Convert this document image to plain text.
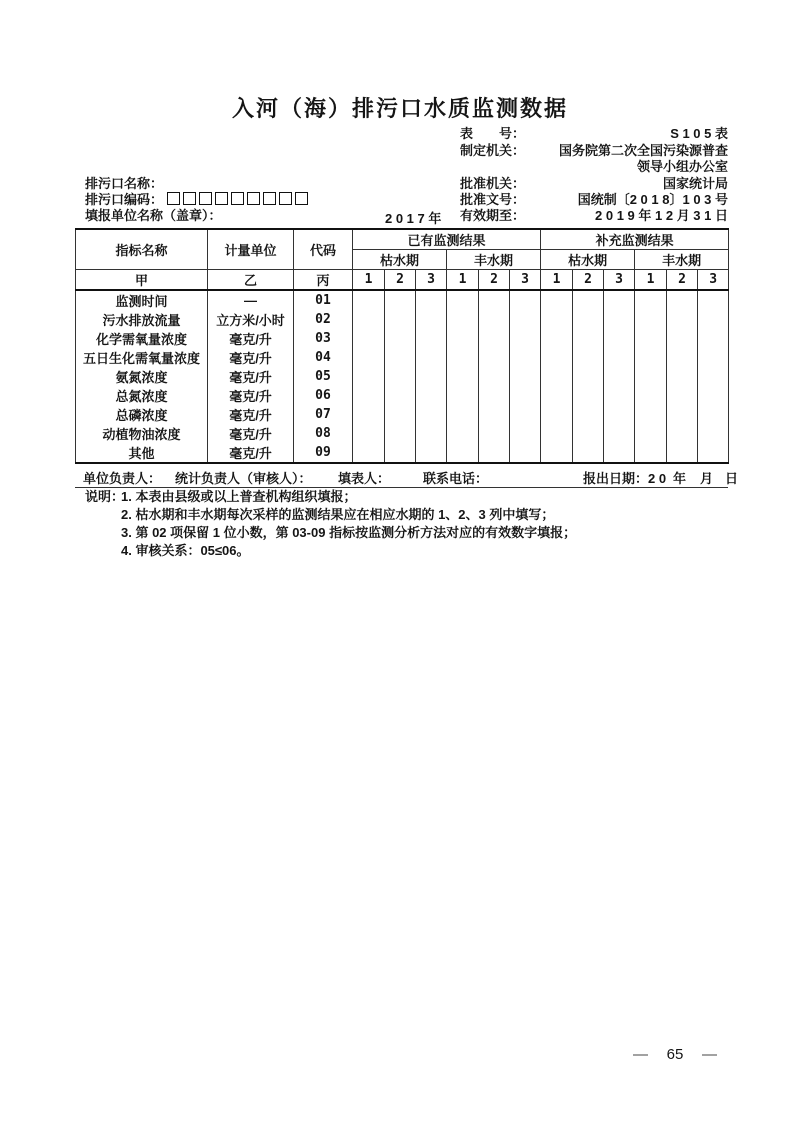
入河（海）排污口水质监测数据
表　　号：	S 1 0 5 表
制定机关：	国务院第二次全国污染源普查
领导小组办公室
批准机关：	国家统计局
批准文号：	国统制〔2 0 1 8〕1 0 3 号
有效期至：	2 0 1 9 年 1 2 月 3 1 日
排污口名称：
排污口编码：
填报单位名称（盖章）：	2 0 1 7 年
指标名称	计量单位	代码	已有监测结果						补充监测结果					
			枯水期			丰水期			枯水期			丰水期		
甲	乙	丙	1	2	3	1	2	3	1	2	3	1	2	3
监测时间	—	01												
污水排放流量	立方米/小时	02												
化学需氧量浓度	毫克/升	03												
五日生化需氧量浓度	毫克/升	04												
氨氮浓度	毫克/升	05												
总氮浓度	毫克/升	06												
总磷浓度	毫克/升	07												
动植物油浓度	毫克/升	08												
其他	毫克/升	09												
单位负责人： 统计负责人（审核人）： 填表人：	联系电话：	报出日期：2 0 年 月 日
说明：
1. 本表由县级或以上普查机构组织填报；
2. 枯水期和丰水期每次采样的监测结果应在相应水期的 1、2、3 列中填写；
3. 第 02 项保留 1 位小数，第 03-09 指标按监测分析方法对应的有效数字填报；
4. 审核关系：05≤06。
— 65 —
